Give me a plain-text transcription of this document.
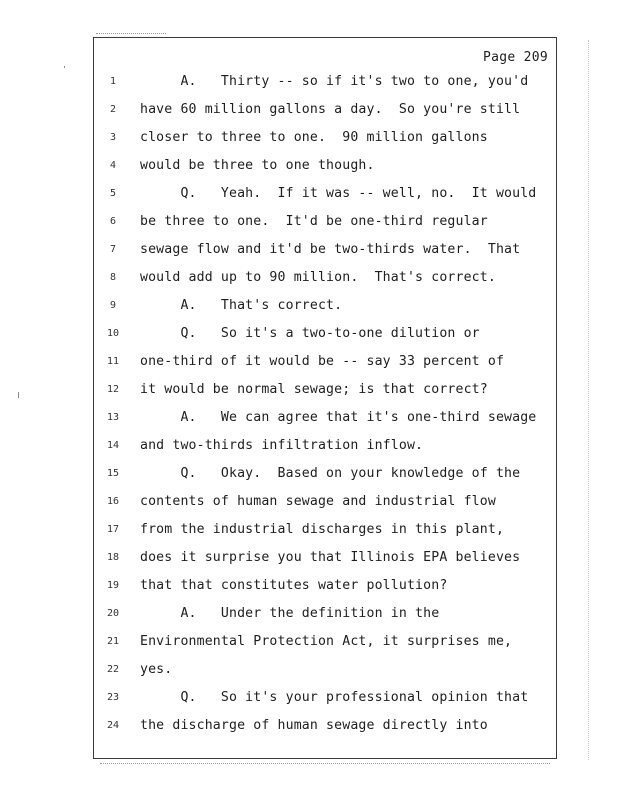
Page 209
1	A.   Thirty -- so if it's two to one, you'd
2	have 60 million gallons a day.  So you're still
3	closer to three to one.  90 million gallons
4	would be three to one though.
5	Q.   Yeah.  If it was -- well, no.  It would
6	be three to one.  It'd be one-third regular
7	sewage flow and it'd be two-thirds water.  That
8	would add up to 90 million.  That's correct.
9	A.   That's correct.
10 Q.   So it's a two-to-one dilution or
11 one-third of it would be -- say 33 percent of
12 it would be normal sewage; is that correct?
13 A.   We can agree that it's one-third sewage
14 and two-thirds infiltration inflow.
15 Q.   Okay.  Based on your knowledge of the
16 contents of human sewage and industrial flow
17 from the industrial discharges in this plant,
18 does it surprise you that Illinois EPA believes
19 that that constitutes water pollution?
20 A.   Under the definition in the
21 Environmental Protection Act, it surprises me,
22 yes.
23 Q.   So it's your professional opinion that
24 the discharge of human sewage directly into
